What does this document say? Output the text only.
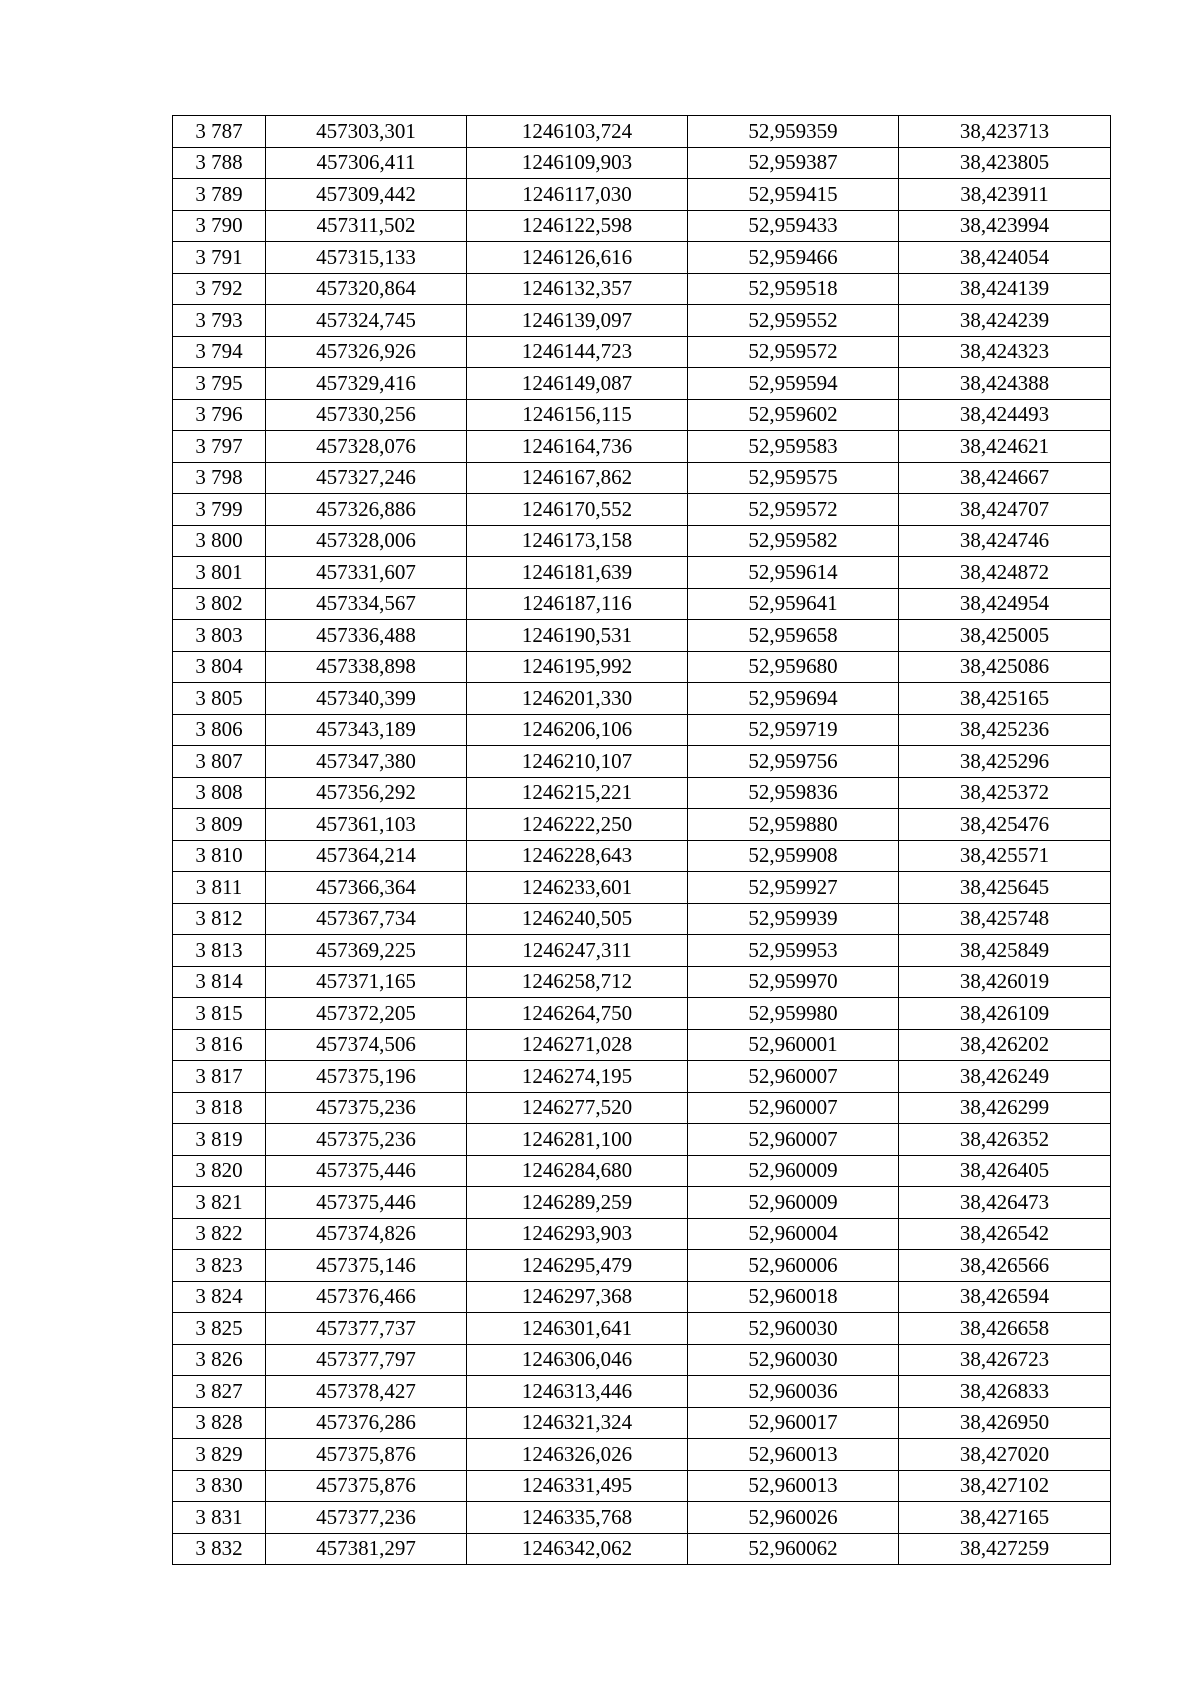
3 787	457303,301	1246103,724	52,959359	38,423713
3 788	457306,411	1246109,903	52,959387	38,423805
3 789	457309,442	1246117,030	52,959415	38,423911
3 790	457311,502	1246122,598	52,959433	38,423994
3 791	457315,133	1246126,616	52,959466	38,424054
3 792	457320,864	1246132,357	52,959518	38,424139
3 793	457324,745	1246139,097	52,959552	38,424239
3 794	457326,926	1246144,723	52,959572	38,424323
3 795	457329,416	1246149,087	52,959594	38,424388
3 796	457330,256	1246156,115	52,959602	38,424493
3 797	457328,076	1246164,736	52,959583	38,424621
3 798	457327,246	1246167,862	52,959575	38,424667
3 799	457326,886	1246170,552	52,959572	38,424707
3 800	457328,006	1246173,158	52,959582	38,424746
3 801	457331,607	1246181,639	52,959614	38,424872
3 802	457334,567	1246187,116	52,959641	38,424954
3 803	457336,488	1246190,531	52,959658	38,425005
3 804	457338,898	1246195,992	52,959680	38,425086
3 805	457340,399	1246201,330	52,959694	38,425165
3 806	457343,189	1246206,106	52,959719	38,425236
3 807	457347,380	1246210,107	52,959756	38,425296
3 808	457356,292	1246215,221	52,959836	38,425372
3 809	457361,103	1246222,250	52,959880	38,425476
3 810	457364,214	1246228,643	52,959908	38,425571
3 811	457366,364	1246233,601	52,959927	38,425645
3 812	457367,734	1246240,505	52,959939	38,425748
3 813	457369,225	1246247,311	52,959953	38,425849
3 814	457371,165	1246258,712	52,959970	38,426019
3 815	457372,205	1246264,750	52,959980	38,426109
3 816	457374,506	1246271,028	52,960001	38,426202
3 817	457375,196	1246274,195	52,960007	38,426249
3 818	457375,236	1246277,520	52,960007	38,426299
3 819	457375,236	1246281,100	52,960007	38,426352
3 820	457375,446	1246284,680	52,960009	38,426405
3 821	457375,446	1246289,259	52,960009	38,426473
3 822	457374,826	1246293,903	52,960004	38,426542
3 823	457375,146	1246295,479	52,960006	38,426566
3 824	457376,466	1246297,368	52,960018	38,426594
3 825	457377,737	1246301,641	52,960030	38,426658
3 826	457377,797	1246306,046	52,960030	38,426723
3 827	457378,427	1246313,446	52,960036	38,426833
3 828	457376,286	1246321,324	52,960017	38,426950
3 829	457375,876	1246326,026	52,960013	38,427020
3 830	457375,876	1246331,495	52,960013	38,427102
3 831	457377,236	1246335,768	52,960026	38,427165
3 832	457381,297	1246342,062	52,960062	38,427259
